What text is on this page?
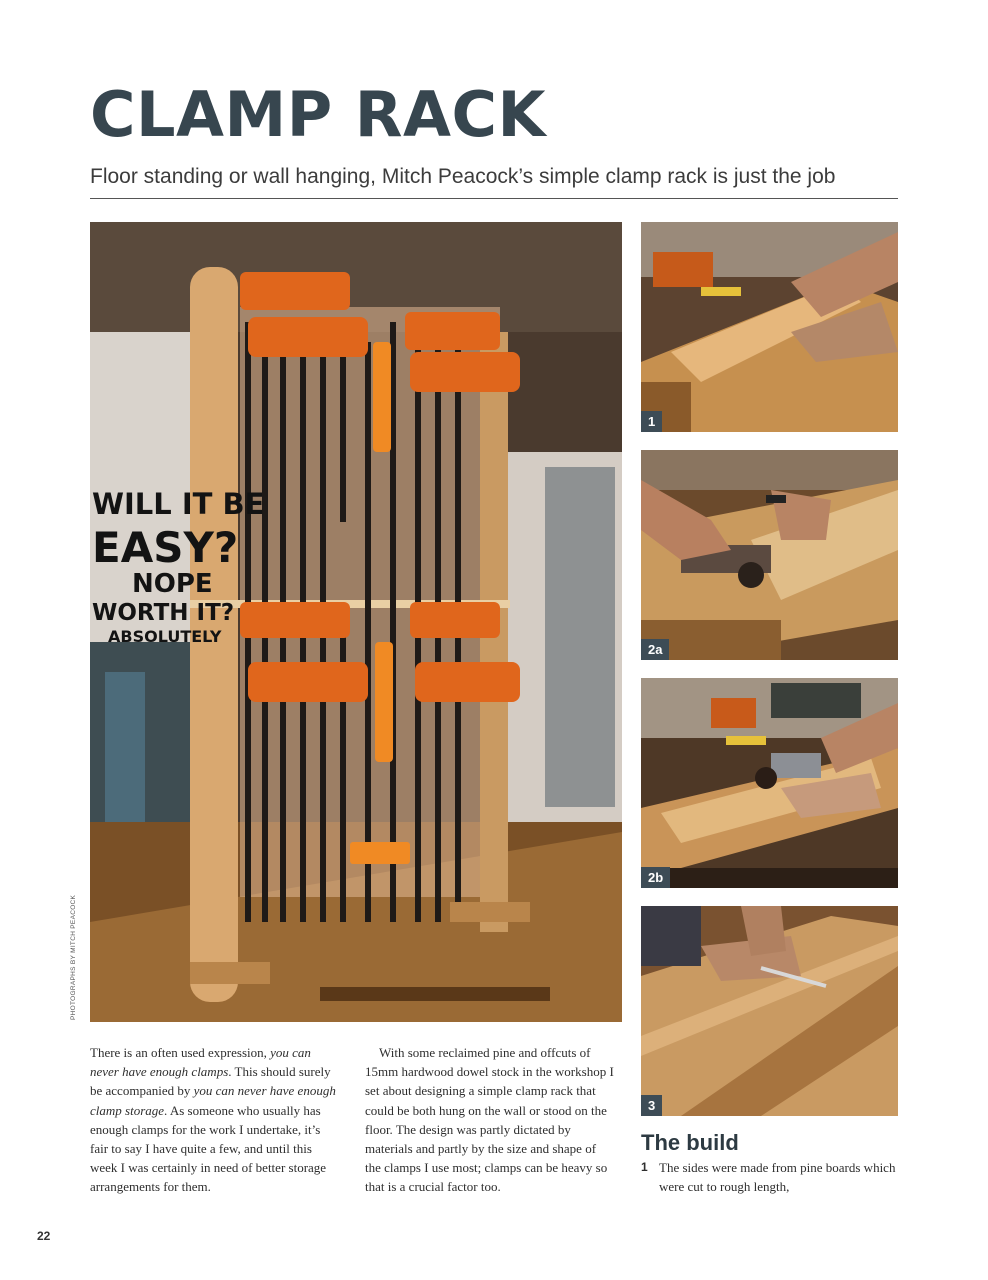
CLAMP RACK

Floor standing or wall hanging, Mitch Peacock’s simple clamp rack is just the job

WILL IT BE
EASY?
NOPE
WORTH IT?
ABSOLUTELY
PHOTOGRAPHS BY MITCH PEACOCK
1
2a
2b
3

There is an often used expression, you can never have enough clamps. This should surely be accompanied by you can never have enough clamp storage. As someone who usually has enough clamps for the work I undertake, it’s fair to say I have quite a few, and until this week I was certainly in need of better storage arrangements for them.

With some reclaimed pine and offcuts of 15mm hardwood dowel stock in the workshop I set about designing a simple clamp rack that could be both hung on the wall or stood on the floor. The design was partly dictated by materials and partly by the size and shape of the clamps I use most; clamps can be heavy so that is a crucial factor too.

The build
1 The sides were made from pine boards which were cut to rough length,
22
